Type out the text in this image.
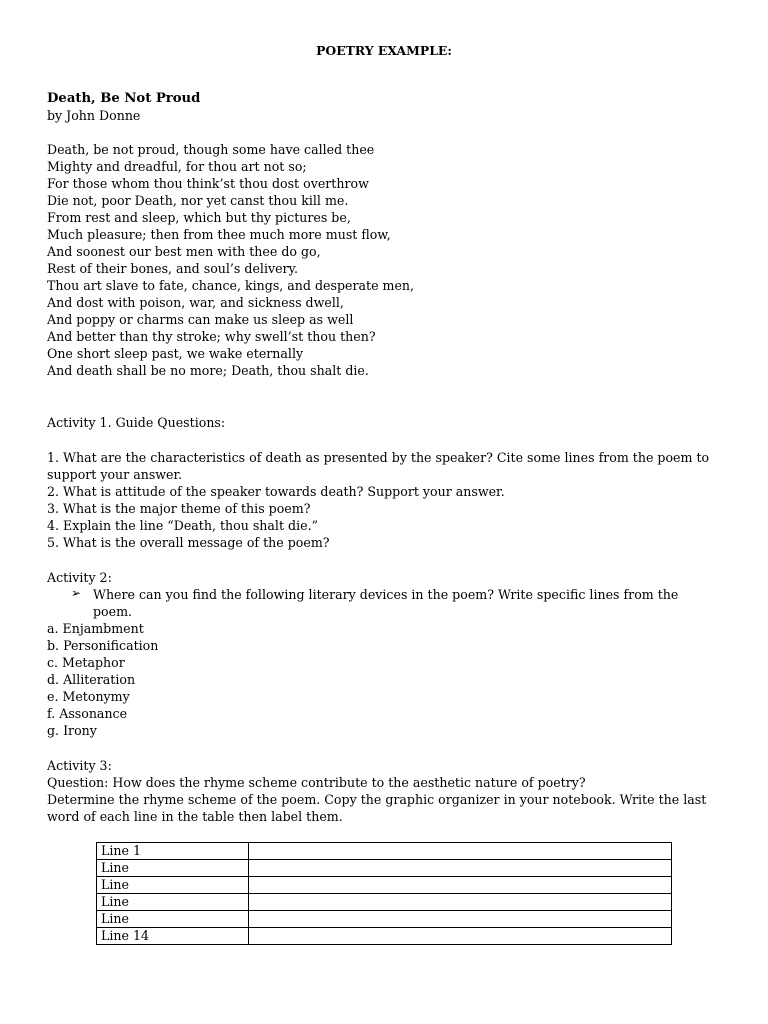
POETRY EXAMPLE:
Death, Be Not Proud
by John Donne
Death, be not proud, though some have called thee
Mighty and dreadful, for thou art not so;
For those whom thou think’st thou dost overthrow
Die not, poor Death, nor yet canst thou kill me.
From rest and sleep, which but thy pictures be,
Much pleasure; then from thee much more must flow,
And soonest our best men with thee do go,
Rest of their bones, and soul’s delivery.
Thou art slave to fate, chance, kings, and desperate men,
And dost with poison, war, and sickness dwell,
And poppy or charms can make us sleep as well
And better than thy stroke; why swell’st thou then?
One short sleep past, we wake eternally
And death shall be no more; Death, thou shalt die.
Activity 1. Guide Questions:
1. What are the characteristics of death as presented by the speaker? Cite some lines from the poem to
support your answer.
2. What is attitude of the speaker towards death? Support your answer.
3. What is the major theme of this poem?
4. Explain the line “Death, thou shalt die.”
5. What is the overall message of the poem?
Activity 2:
➢ Where can you find the following literary devices in the poem? Write specific lines from the
poem.
a. Enjambment
b. Personification
c. Metaphor
d. Alliteration
e. Metonymy
f. Assonance
g. Irony
Activity 3:
Question: How does the rhyme scheme contribute to the aesthetic nature of poetry?
Determine the rhyme scheme of the poem. Copy the graphic organizer in your notebook. Write the last
word of each line in the table then label them.
Line 1	
Line	
Line	
Line	
Line	
Line 14	
